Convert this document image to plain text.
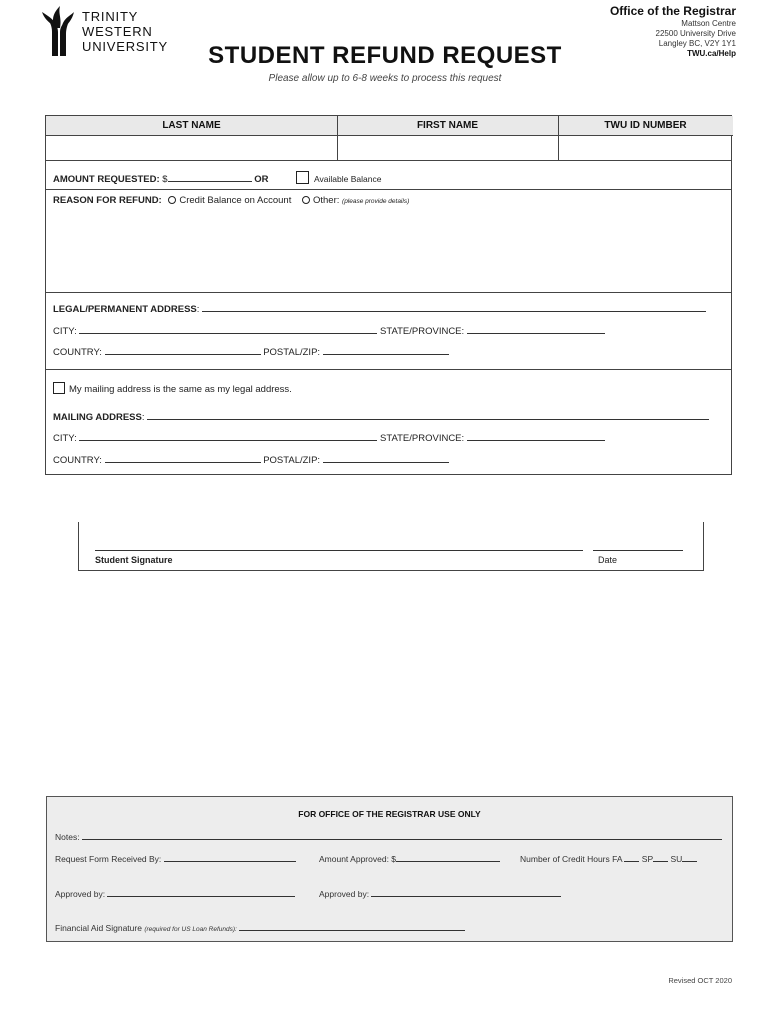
TRINITY
WESTERN
UNIVERSITY	STUDENT REFUND REQUEST
Please allow up to 6-8 weeks to process this request
Office of the Registrar
Mattson Centre
22500 University Drive
Langley BC, V2Y 1Y1
TWU.ca/Help
LAST NAME	FIRST NAME	TWU ID NUMBER
AMOUNT REQUESTED: $	OR	Available Balance
REASON FOR REFUND: Credit Balance on Account Other: (please provide details)
LEGAL/PERMANENT ADDRESS:
CITY:	STATE/PROVINCE:
COUNTRY:	POSTAL/ZIP:
My mailing address is the same as my legal address.
MAILING ADDRESS:
CITY:	STATE/PROVINCE:
COUNTRY:	POSTAL/ZIP:
Student Signature	Date
FOR OFFICE OF THE REGISTRAR USE ONLY
Notes:
Request Form Received By:	Amount Approved: $	Number of Credit Hours FA SP SU
Approved by:	Approved by:
Financial Aid Signature (required for US Loan Refunds):
Revised OCT 2020
